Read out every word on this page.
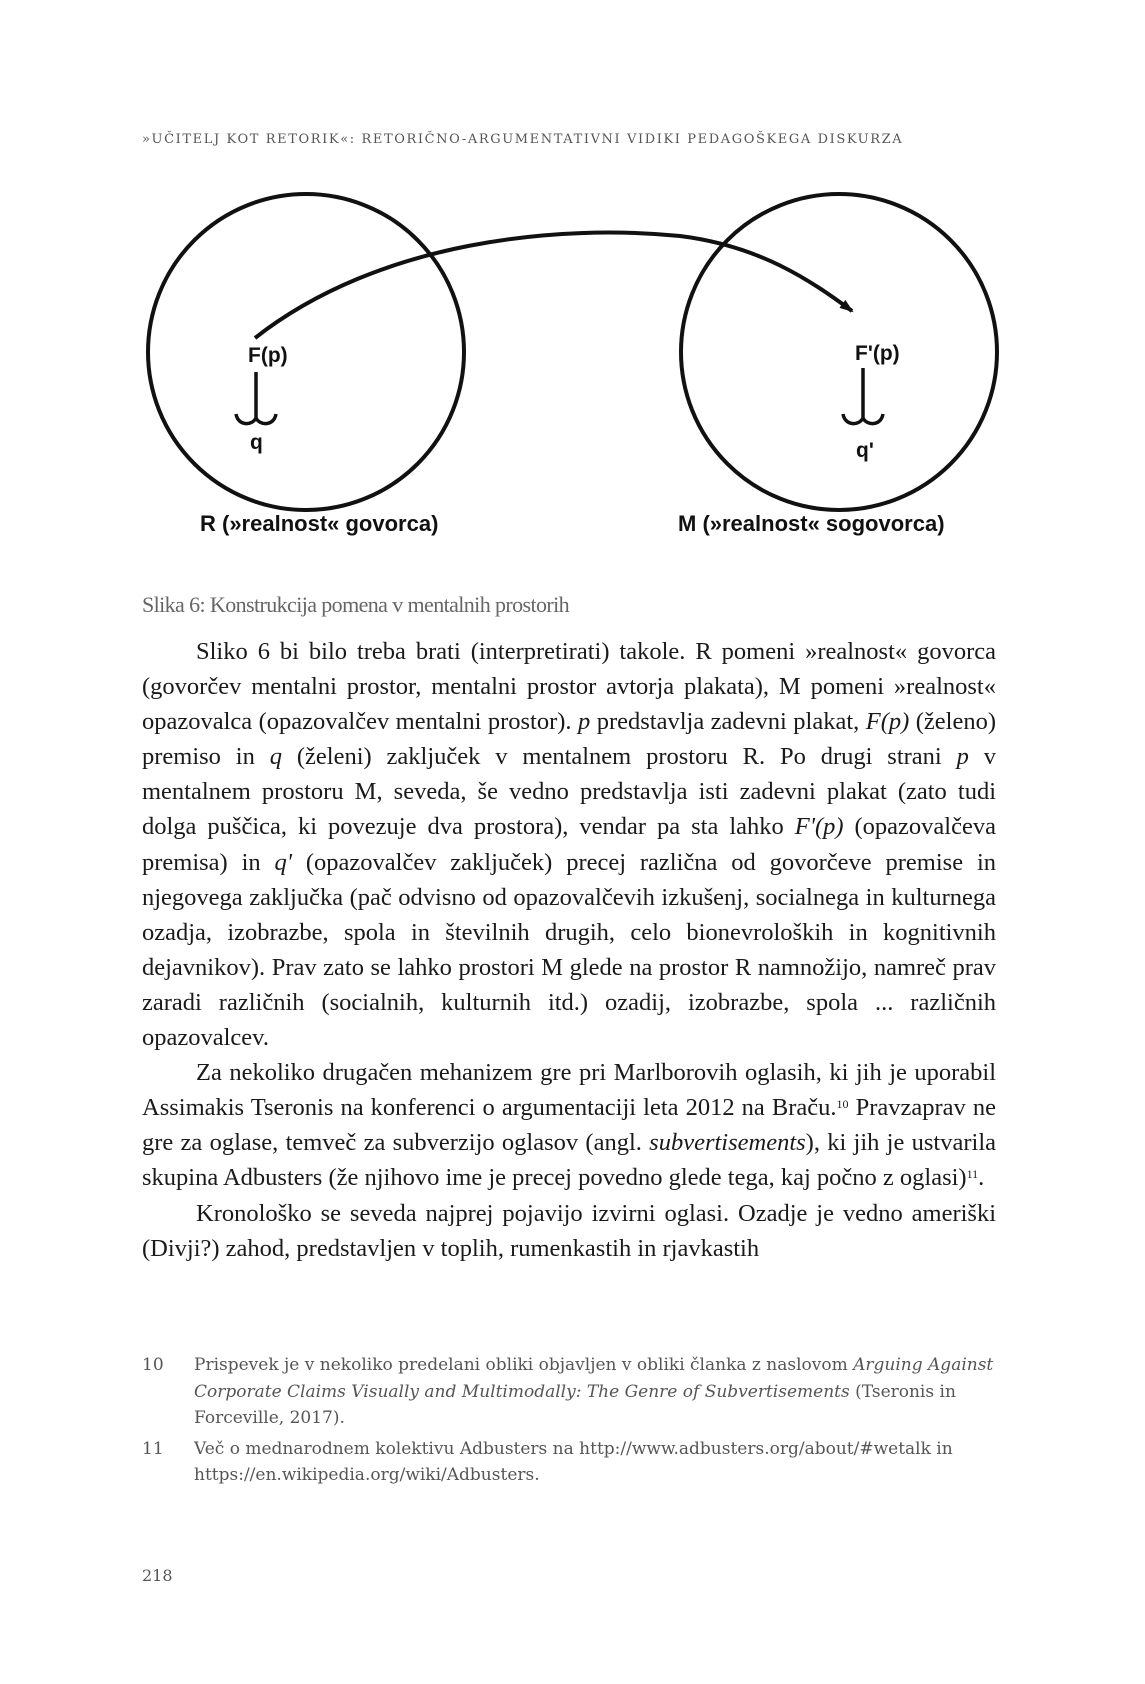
»UČITELJ KOT RETORIK«: RETORIČNO-ARGUMENTATIVNI VIDIKI PEDAGOŠKEGA DISKURZA
F(p)
q
F'(p)
q'
R (»realnost« govorca)	M (»realnost« sogovorca)
Slika 6: Konstrukcija pomena v mentalnih prostorih

Sliko 6 bi bilo treba brati (interpretirati) takole. R pomeni »realnost« govorca (govorčev mentalni prostor, mentalni prostor avtorja plakata), M pomeni »realnost« opazovalca (opazovalčev mentalni prostor). p predstavlja zadevni plakat, F(p) (želeno) premiso in q (želeni) zaključek v mentalnem prostoru R. Po drugi strani p v mentalnem prostoru M, seveda, še vedno predstavlja isti zadevni plakat (zato tudi dolga puščica, ki povezuje dva prostora), vendar pa sta lahko F'(p) (opazovalčeva premisa) in q' (opazovalčev zaključek) precej različna od govorčeve premise in njegovega zaključka (pač odvisno od opazovalčevih izkušenj, socialnega in kulturnega ozadja, izobrazbe, spola in številnih drugih, celo bionevroloških in kognitivnih dejavnikov). Prav zato se lahko prostori M glede na prostor R namnožijo, namreč prav zaradi različnih (socialnih, kulturnih itd.) ozadij, izobrazbe, spola ... različnih opazovalcev.

Za nekoliko drugačen mehanizem gre pri Marlborovih oglasih, ki jih je uporabil Assimakis Tseronis na konferenci o argumentaciji leta 2012 na Braču.$^{10}$ Pravzaprav ne gre za oglase, temveč za subverzijo oglasov (angl. subvertisements), ki jih je ustvarila skupina Adbusters (že njihovo ime je precej povedno glede tega, kaj počno z oglasi)$^{11}$.

Kronološko se seveda najprej pojavijo izvirni oglasi. Ozadje je vedno ameriški (Divji?) zahod, predstavljen v toplih, rumenkastih in rjavkastih

10	Prispevek je v nekoliko predelani obliki objavljen v obliki članka z naslovom Arguing Against Corporate Claims Visually and Multimodally: The Genre of Subvertisements (Tseronis in Forceville, 2017).
11	Več o mednarodnem kolektivu Adbusters na http://www.adbusters.org/about/#wetalk in https://en.wikipedia.org/wiki/Adbusters.
218
